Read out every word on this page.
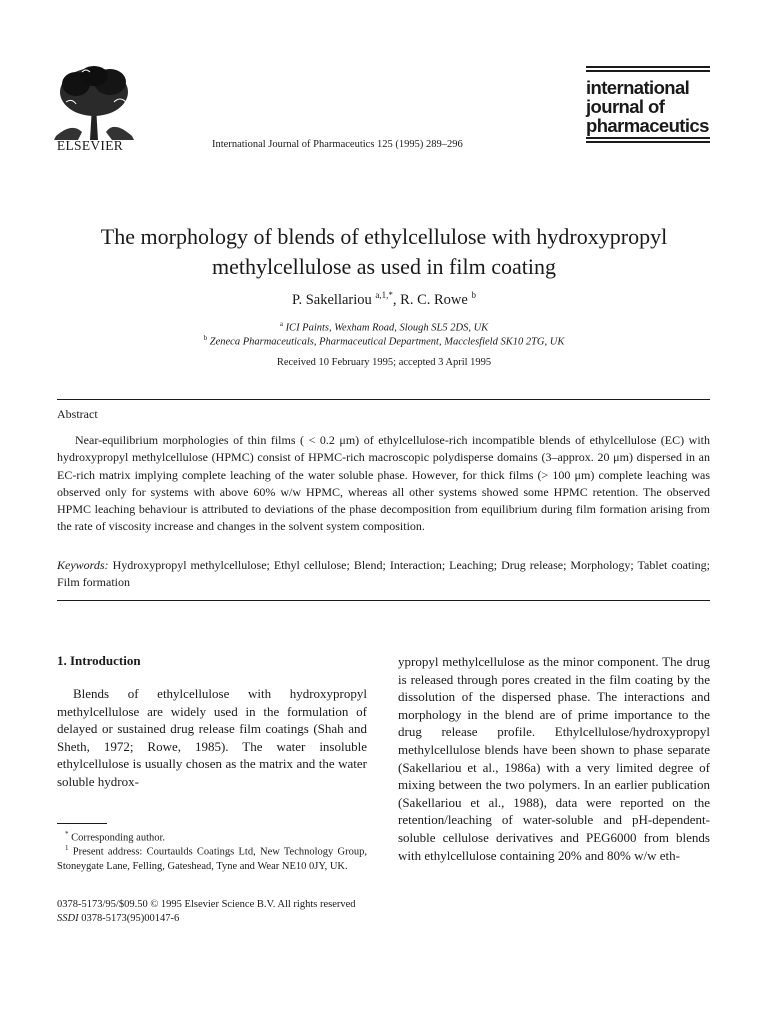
ELSEVIER	International Journal of Pharmaceutics 125 (1995) 289–296
international
journal of
pharmaceutics
The morphology of blends of ethylcellulose with hydroxypropyl methylcellulose as used in film coating
P. Sakellariou $^{a,1,*}$, R. C. Rowe $^b$
$^a$ ICI Paints, Wexham Road, Slough SL5 2DS, UK
$^b$ Zeneca Pharmaceuticals, Pharmaceutical Department, Macclesfield SK10 2TG, UK
Received 10 February 1995; accepted 3 April 1995
Abstract

Near-equilibrium morphologies of thin films ( < 0.2 μm) of ethylcellulose-rich incompatible blends of ethylcellulose (EC) with hydroxypropyl methylcellulose (HPMC) consist of HPMC-rich macroscopic polydisperse domains (3–approx. 20 μm) dispersed in an EC-rich matrix implying complete leaching of the water soluble phase. However, for thick films (> 100 μm) complete leaching was observed only for systems with above 60% w/w HPMC, whereas all other systems showed some HPMC retention. The observed HPMC leaching behaviour is attributed to deviations of the phase decomposition from equilibrium during film formation arising from the rate of viscosity increase and changes in the solvent system composition.

Keywords: Hydroxypropyl methylcellulose; Ethyl cellulose; Blend; Interaction; Leaching; Drug release; Morphology; Tablet coating; Film formation

1. Introduction

Blends of ethylcellulose with hydroxypropyl methylcellulose are widely used in the formulation of delayed or sustained drug release film coatings (Shah and Sheth, 1972; Rowe, 1985). The water insoluble ethylcellulose is usually chosen as the matrix and the water soluble hydrox-

ypropyl methylcellulose as the minor component. The drug is released through pores created in the film coating by the dissolution of the dispersed phase. The interactions and morphology in the blend are of prime importance to the drug release profile. Ethylcellulose/hydroxypropyl methylcellulose blends have been shown to phase separate (Sakellariou et al., 1986a) with a very limited degree of mixing between the two polymers. In an earlier publication (Sakellariou et al., 1988), data were reported on the retention/leaching of water-soluble and pH-dependent-soluble cellulose derivatives and PEG6000 from blends with ethylcellulose containing 20% and 80% w/w eth-

* Corresponding author.

$^1$ Present address: Courtaulds Coatings Ltd, New Technology Group, Stoneygate Lane, Felling, Gateshead, Tyne and Wear NE10 0JY, UK.

0378-5173/95/$09.50 © 1995 Elsevier Science B.V. All rights reserved
SSDI 0378-5173(95)00147-6
